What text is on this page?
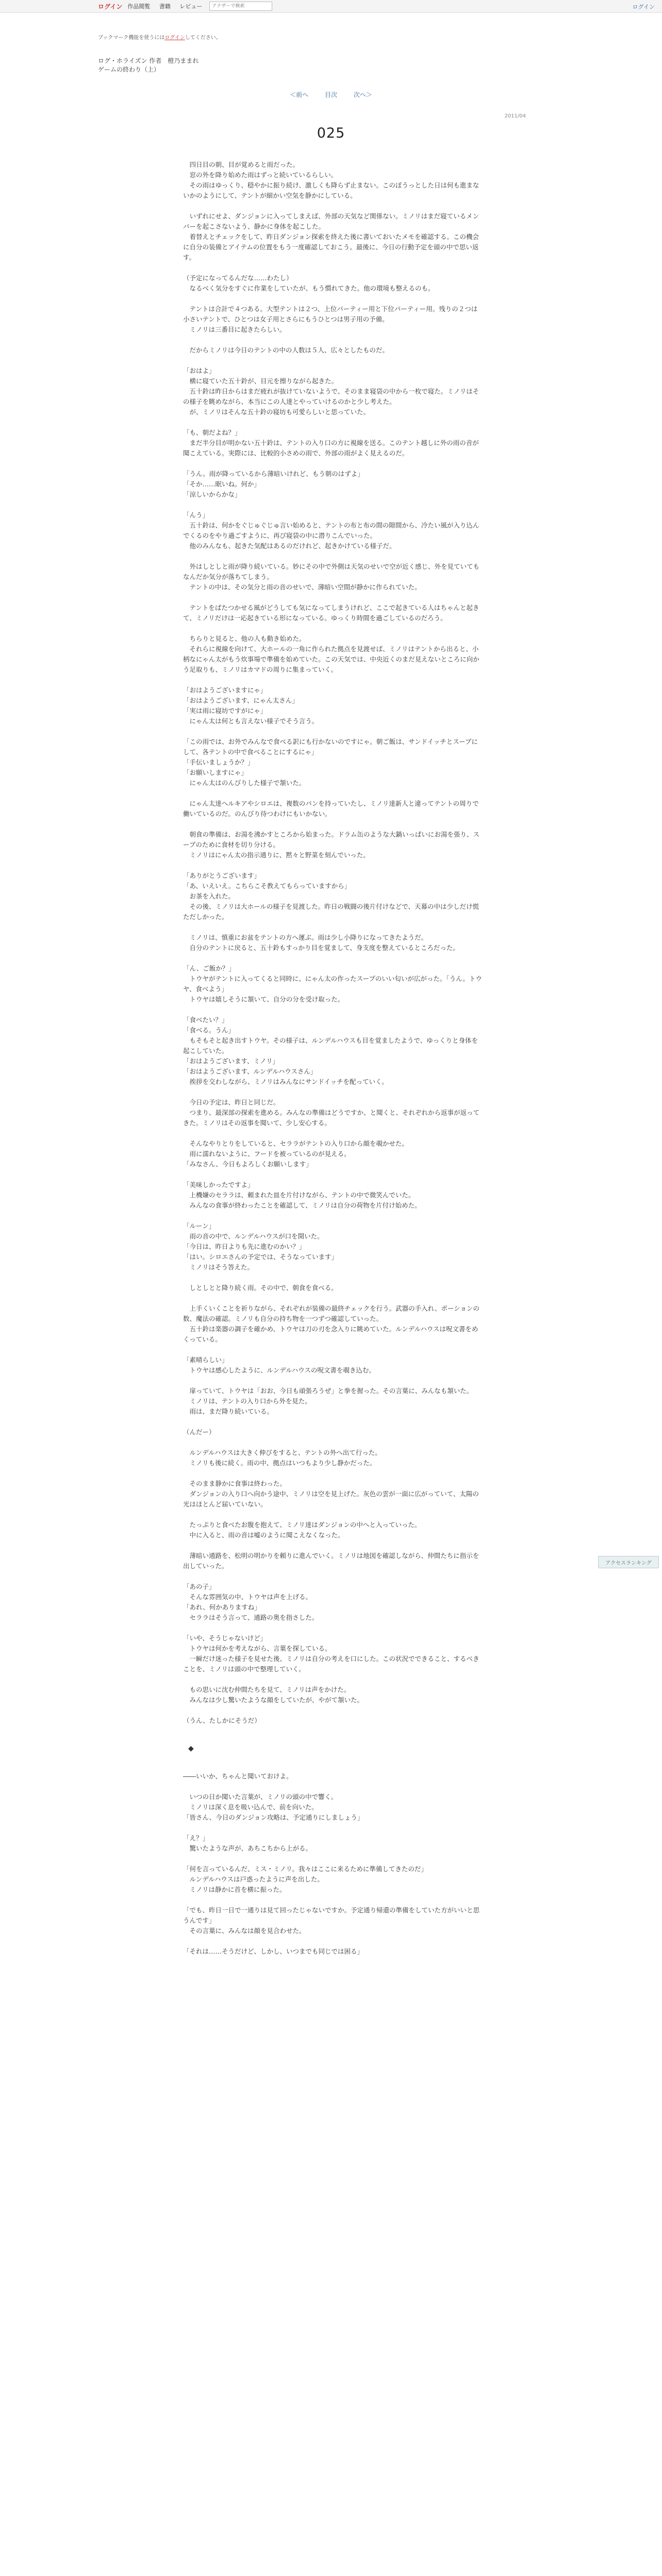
ログイン 作品閲覧 書籍 レビュー
アナザーで検索	ログイン
ブックマーク機能を使うにはログインしてください。
ログ・ホライズン 作者　橙乃ままれ
ゲームの終わり（上）
＜前へ	目次	次へ＞
2011/04
025

　四日目の朝、目が覚めると雨だった。
　窓の外を降り始めた雨はずっと続いているらしい。
　その雨はゆっくり、穏やかに振り続け、激しくも降らず止まない。このぼうっとした日は何も進まないかのようにして、テントが細かい空気を静かにしている。

　いずれにせよ、ダンジョンに入ってしまえば、外部の天気など関係ない。ミノリはまだ寝ているメンバーを起こさないよう、静かに身体を起こした。
　着替えとチェックをして、昨日ダンジョン探索を終えた後に書いておいたメモを確認する。この機会に自分の装備とアイテムの位置をもう一度確認しておこう。最後に、今日の行動予定を頭の中で思い返す。

（予定になってるんだな……わたし）
　なるべく気分をすぐに作業をしていたが、もう慣れてきた。他の環境も整えるのも。

　テントは合計で４つある。大型テントは２つ、上位パーティー用と下位パーティー用。残りの２つは小さいテントで、ひとつは女子用とさらにもうひとつは男子用の予備。
　ミノリは三番目に起きたらしい。

　だからミノリは今日のテントの中の人数は５人、広々としたものだ。

「おはよ」
　横に寝ていた五十鈴が、目元を擦りながら起きた。
　五十鈴は昨日からはまだ疲れが抜けていないようで、そのまま寝袋の中から一枚で寝た。ミノリはその様子を眺めながら、本当にこの人達とやっていけるのかと少し考えた。
　が、ミノリはそんな五十鈴の寝坊も可愛らしいと思っていた。

「も、朝だよね？」
　まだ半分目が明かない五十鈴は、テントの入り口の方に視線を送る。このテント越しに外の雨の音が聞こえている。実際には、比較的小さめの雨で、外部の雨がよく見えるのだ。

「うん。雨が降っているから薄暗いけれど、もう朝のはずよ」
「そか……眠いね。何か」
「涼しいからかな」

「んう」
　五十鈴は、何かをぐじゅぐじゅ言い始めると、テントの布と布の間の隙間から、冷たい風が入り込んでくるのをやり過ごすように、再び寝袋の中に潜りこんでいった。
　他のみんなも、起きた気配はあるのだけれど、起きかけている様子だ。

　外はしとしと雨が降り続いている。妙にその中で外側は天気のせいで空が近く感じ、外を見ていてもなんだか気分が落ちてしまう。
　テントの中は、その気分と雨の音のせいで、薄暗い空間が静かに作られていた。

　テントをばたつかせる風がどうしても気になってしまうけれど、ここで起きている人はちゃんと起きて、ミノリだけは一応起きている形になっている。ゆっくり時間を過ごしているのだろう。

　ちらりと見ると、他の人も動き始めた。
　それらに視線を向けて、大ホールの一角に作られた拠点を見渡せば、ミノリはテントから出ると、小柄なにゃん太がもう炊事場で準備を始めていた。この天気では、中央近くのまだ見えないところに向かう足取りも、ミノリはカマドの周りに集まっていく。

「おはようございますにゃ」
「おはようございます、にゃん太さん」
「実は雨に寝坊ですがにゃ」
　にゃん太は何とも言えない様子でそう言う。

「この雨では、お外でみんなで食べる訳にも行かないのですにゃ。朝ご飯は、サンドイッチとスープにして、各テントの中で食べることにするにゃ」
「手伝いましょうか？」
「お願いしますにゃ」
　にゃん太はのんびりした様子で頷いた。

　にゃん太達へルキアやシロエは、複数のパンを持っていたし、ミノリ達新人と違ってテントの周りで働いているのだ。のんびり待つわけにもいかない。

　朝食の準備は、お湯を沸かすところから始まった。ドラム缶のような大鍋いっぱいにお湯を張り、スープのために食材を切り分ける。
　ミノリはにゃん太の指示通りに、黙々と野菜を刻んでいった。

「ありがとうございます」
「あ、いえいえ。こちらこそ教えてもらっていますから」
　お茶を入れた。
　その後、ミノリは大ホールの様子を見渡した。昨日の戦闘の後片付けなどで、天幕の中は少しだけ慌ただしかった。

　ミノリは、慎重にお盆をテントの方へ運ぶ。雨は少し小降りになってきたようだ。
　自分のテントに戻ると、五十鈴もすっかり目を覚まして、身支度を整えているところだった。

「ん、ご飯か？」
　トウヤがテントに入ってくると同時に、にゃん太の作ったスープのいい匂いが広がった。「うん。トウヤ、食べよう」
　トウヤは嬉しそうに頷いて、自分の分を受け取った。

「食べたい？」
「食べる。うん」
　もそもそと起き出すトウヤ。その様子は、ルンデルハウスも目を覚ましたようで、ゆっくりと身体を起こしていた。
「おはようございます、ミノリ」
「おはようございます、ルンデルハウスさん」
　挨拶を交わしながら、ミノリはみんなにサンドイッチを配っていく。

　今日の予定は、昨日と同じだ。
　つまり、最深部の探索を進める。みんなの準備はどうですか、と聞くと、それぞれから返事が返ってきた。ミノリはその返事を聞いて、少し安心する。

　そんなやりとりをしていると、セララがテントの入り口から顔を覗かせた。
　雨に濡れないように、フードを被っているのが見える。
「みなさん、今日もよろしくお願いします」

「美味しかったですよ」
　上機嫌のセララは、頼まれた皿を片付けながら、テントの中で微笑んでいた。
　みんなの食事が終わったことを確認して、ミノリは自分の荷物を片付け始めた。

「ルーン」
　雨の音の中で、ルンデルハウスが口を開いた。
「今日は、昨日よりも先に進むのかい？」
「はい。シロエさんの予定では、そうなっています」
　ミノリはそう答えた。

　しとしとと降り続く雨。その中で、朝食を食べる。

　上手くいくことを祈りながら、それぞれが装備の最終チェックを行う。武器の手入れ、ポーションの数、魔法の確認。ミノリも自分の持ち物を一つずつ確認していった。
　五十鈴は楽器の調子を確かめ、トウヤは刀の刃を念入りに眺めていた。ルンデルハウスは呪文書をめくっている。

「素晴らしい」
　トウヤは感心したように、ルンデルハウスの呪文書を覗き込む。

　扉っていて、トウヤは「おお、今日も頑張ろうぜ」と拳を握った。その言葉に、みんなも頷いた。
　ミノリは、テントの入り口から外を見た。
　雨は、まだ降り続いている。

（んだー）

　ルンデルハウスは大きく伸びをすると、テントの外へ出て行った。
　ミノリも後に続く。雨の中、拠点はいつもより少し静かだった。

　そのまま静かに食事は終わった。
　ダンジョンの入り口へ向かう途中、ミノリは空を見上げた。灰色の雲が一面に広がっていて、太陽の光はほとんど届いていない。

　たっぷりと食べたお腹を抱えて、ミノリ達はダンジョンの中へと入っていった。
　中に入ると、雨の音は嘘のように聞こえなくなった。

　薄暗い通路を、松明の明かりを頼りに進んでいく。ミノリは地図を確認しながら、仲間たちに指示を出していった。

「あの子」
　そんな雰囲気の中、トウヤは声を上げる。
「あれ、何かありますね」
　セララはそう言って、通路の奥を指さした。

「いや、そうじゃないけど」
　トウヤは何かを考えながら、言葉を探している。
　一瞬だけ迷った様子を見せた後、ミノリは自分の考えを口にした。この状況でできること、するべきことを、ミノリは頭の中で整理していく。

　もの思いに沈む仲間たちを見て、ミノリは声をかけた。
　みんなは少し驚いたような顔をしていたが、やがて頷いた。

（うん、たしかにそうだ）

◆

――いいか、ちゃんと聞いておけよ。

　いつの日か聞いた言葉が、ミノリの頭の中で響く。
　ミノリは深く息を吸い込んで、前を向いた。
「皆さん、今日のダンジョン攻略は、予定通りにしましょう」

「え？」
　驚いたような声が、あちこちから上がる。

「何を言っているんだ、ミス・ミノリ。我々はここに来るために準備してきたのだ」
　ルンデルハウスは戸惑ったように声を出した。
　ミノリは静かに首を横に振った。

「でも、昨日一日で一通りは見て回ったじゃないですか。予定通り帰還の準備をしていた方がいいと思うんです」
　その言葉に、みんなは顔を見合わせた。

「それは……そうだけど、しかし、いつまでも同じでは困る」

アクセスランキング
